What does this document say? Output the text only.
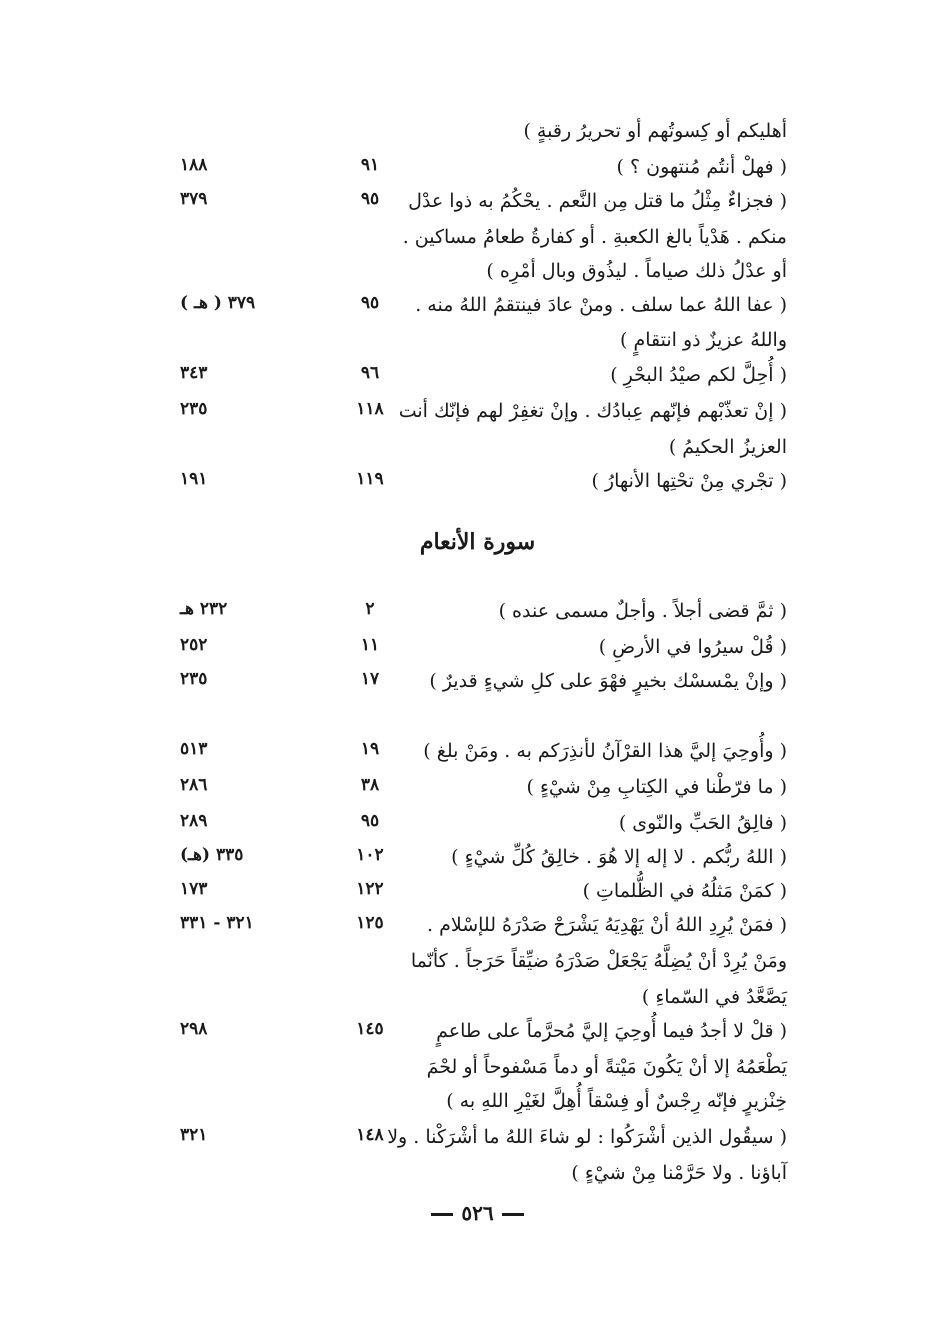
أهليكم أو كِسوتُهم أو تحريرُ رقبةٍ )
( فهلْ أنتُم مُنتهون ؟ )
٩١
١٨٨
( فجزاءٌ مِثْلُ ما قتل مِن النَّعم . يحْكُمُ به ذوا عدْل
منكم . هَدْياً بالغ الكعبةِ . أو كفارةُ طعامُ مساكين .
أو عدْلُ ذلك صياماً . ليذُوق وبال أمْرِه )
٩٥
٣٧٩
( عفا اللهُ عما سلف . ومنْ عادَ فينتقمُ اللهُ منه .
واللهُ عزيزٌ ذو انتقامٍ )
٩٥
٣٧٩ ( هـ )
( أُحِلَّ لكم صيْدُ البحْرِ )
٩٦
٣٤٣
( إنْ تعذّبْهم فإنّهم عِبادُك . وإنْ تغفِرْ لهم فإنّك أنت
العزيزُ الحكيمُ )
١١٨
٢٣٥
( تجْري مِنْ تحْتِها الأنهارُ )
١١٩
١٩١
سورة الأنعام
( ثمَّ قضى أجلاً . وأجلٌ مسمى عنده )
٢
٢٣٢ هـ
( قُلْ سيرُوا في الأرضِ )
١١
٢٥٢
( وإنْ يمْسسْك بخيرٍ فهْوَ على كلِ شيءٍ قديرٌ )
١٧
٢٣٥
( وأُوحِيَ إليَّ هذا القرْآنُ لأنذِرَكم به . ومَنْ بلغ )
١٩
٥١٣
( ما فرّطْنا في الكِتابِ مِنْ شيْءٍ )
٣٨
٢٨٦
( فالِقُ الحَبِّ والنّوى )
٩٥
٢٨٩
( اللهُ ربُّكم . لا إله إلا هُوَ . خالِقُ كُلِّ شيْءٍ )
١٠٢
٣٣٥ (هـ)
( كمَنْ مَثلُهُ في الظُّلماتِ )
١٢٢
١٧٣
( فمَنْ يُرِدِ اللهُ أنْ يَهْدِيَهُ يَشْرَحْ صَدْرَهُ للإسْلام .
ومَنْ يُرِدْ أنْ يُضِلَّهُ يَجْعَلْ صَدْرَهُ ضيِّقاً حَرَجاً . كأنّما
يَصَّعَّدُ في السّماءِ )
١٢٥
٣٢١ - ٣٣١
( قلْ لا أجدُ فيما أُوحِيَ إليَّ مُحرَّماً على طاعمٍ
يَطْعَمُهُ إلا أنْ يَكُونَ مَيْتةً أو دماً مَسْفوحاً أو لحْمَ
خِنْزيرٍ فإنّه رِجْسٌ أو فِسْقاً أُهِلَّ لغَيْرِ اللهِ به )
١٤٥
٢٩٨
( سيقُول الذين أشْرَكُوا : لو شاءَ اللهُ ما أشْرَكْنا . ولا
آباؤنا . ولا حَرَّمْنا مِنْ شيْءٍ )
١٤٨
٣٢١
٥٢٦
